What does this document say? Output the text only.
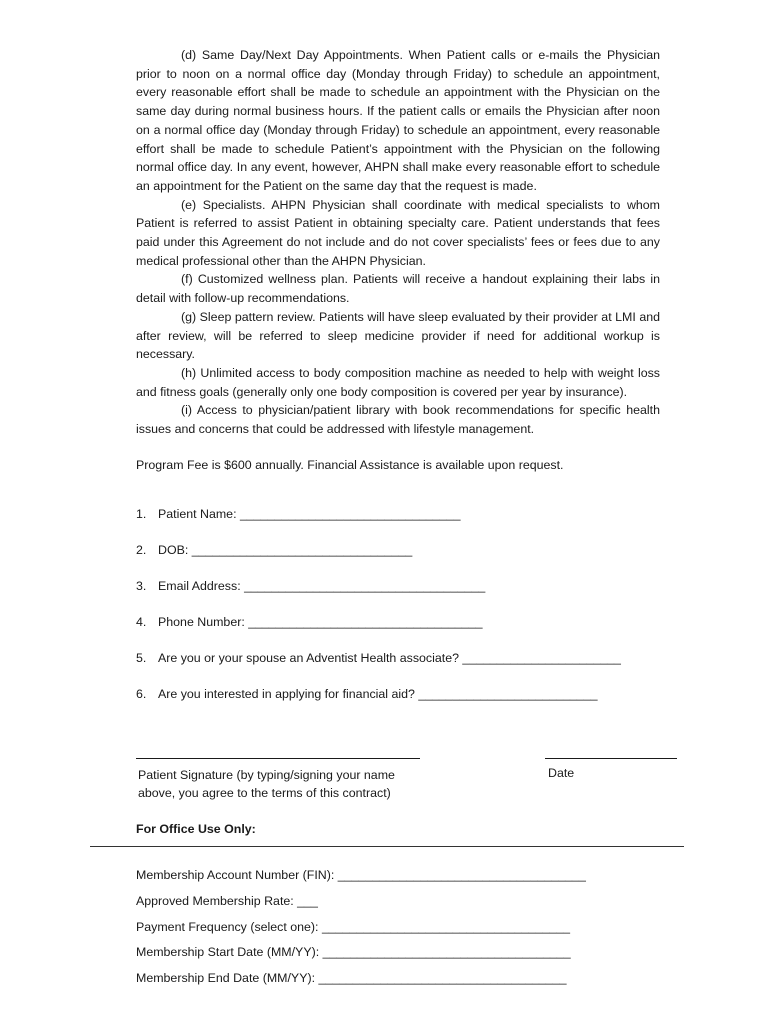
(d) Same Day/Next Day Appointments. When Patient calls or e-mails the Physician prior to noon on a normal office day (Monday through Friday) to schedule an appointment, every reasonable effort shall be made to schedule an appointment with the Physician on the same day during normal business hours. If the patient calls or emails the Physician after noon on a normal office day (Monday through Friday) to schedule an appointment, every reasonable effort shall be made to schedule Patient’s appointment with the Physician on the following normal office day. In any event, however, AHPN shall make every reasonable effort to schedule an appointment for the Patient on the same day that the request is made.

(e) Specialists. AHPN Physician shall coordinate with medical specialists to whom Patient is referred to assist Patient in obtaining specialty care. Patient understands that fees paid under this Agreement do not include and do not cover specialists’ fees or fees due to any medical professional other than the AHPN Physician.

(f) Customized wellness plan. Patients will receive a handout explaining their labs in detail with follow-up recommendations.

(g) Sleep pattern review. Patients will have sleep evaluated by their provider at LMI and after review, will be referred to sleep medicine provider if need for additional workup is necessary.

(h) Unlimited access to body composition machine as needed to help with weight loss and fitness goals (generally only one body composition is covered per year by insurance).

(i) Access to physician/patient library with book recommendations for specific health issues and concerns that could be addressed with lifestyle management.

Program Fee is $600 annually. Financial Assistance is available upon request.

1. Patient Name: ________________________________

2. DOB: ________________________________

3. Email Address: ___________________________________

4. Phone Number: __________________________________

5. Are you or your spouse an Adventist Health associate? _______________________

6. Are you interested in applying for financial aid? __________________________

Patient Signature (by typing/signing your name above, you agree to the terms of this contract)

Date

For Office Use Only:

Membership Account Number (FIN): ____________________________________

Approved Membership Rate: ___

Payment Frequency (select one): ____________________________________

Membership Start Date (MM/YY): ____________________________________

Membership End Date (MM/YY): ____________________________________
